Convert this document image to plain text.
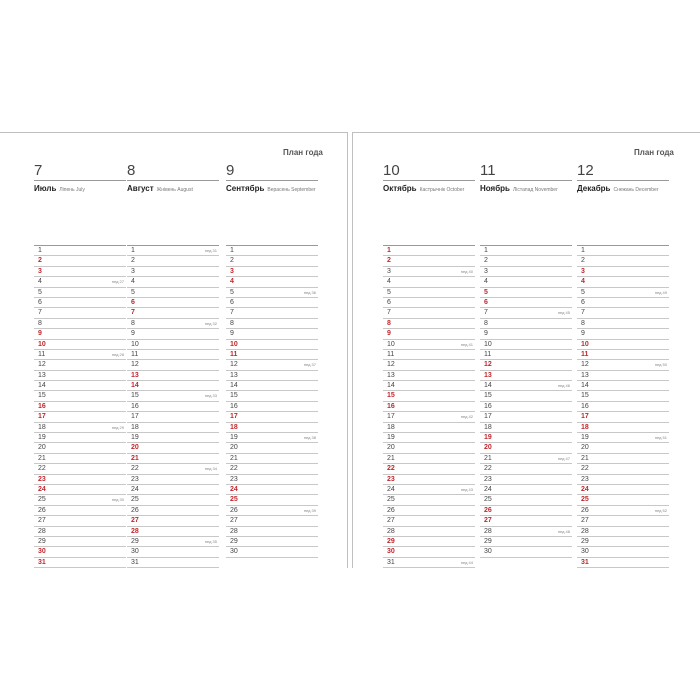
План года
7
Июль Ліпень July
1
2
3
4	нед 27
5
6
7
8
9
10
11	нед 28
12
13
14
15
16
17
18	нед 29
19
20
21
22
23
24
25	нед 30
26
27
28
29
30
31
8
Август Жнівень August
1	нед 31
2
3
4
5
6
7
8	нед 32
9
10
11
12
13
14
15	нед 33
16
17
18
19
20
21
22	нед 34
23
24
25
26
27
28
29	нед 35
30
31
9
Сентябрь Верасень September
1
2
3
4
5	нед 36
6
7
8
9
10
11
12	нед 37
13
14
15
16
17
18
19	нед 38
20
21
22
23
24
25
26	нед 39
27
28
29
30
План года
10
Октябрь Кастрычнік October
1
2
3	нед 40
4
5
6
7
8
9
10	нед 41
11
12
13
14
15
16
17	нед 42
18
19
20
21
22
23
24	нед 43
25
26
27
28
29
30
31	нед 44
11
Ноябрь Лістапад November
1
2
3
4
5
6
7	нед 45
8
9
10
11
12
13
14	нед 46
15
16
17
18
19
20
21	нед 47
22
23
24
25
26
27
28	нед 48
29
30
12
Декабрь Снежань December
1
2
3
4
5	нед 49
6
7
8
9
10
11
12	нед 50
13
14
15
16
17
18
19	нед 51
20
21
22
23
24
25
26	нед 52
27
28
29
30
31
